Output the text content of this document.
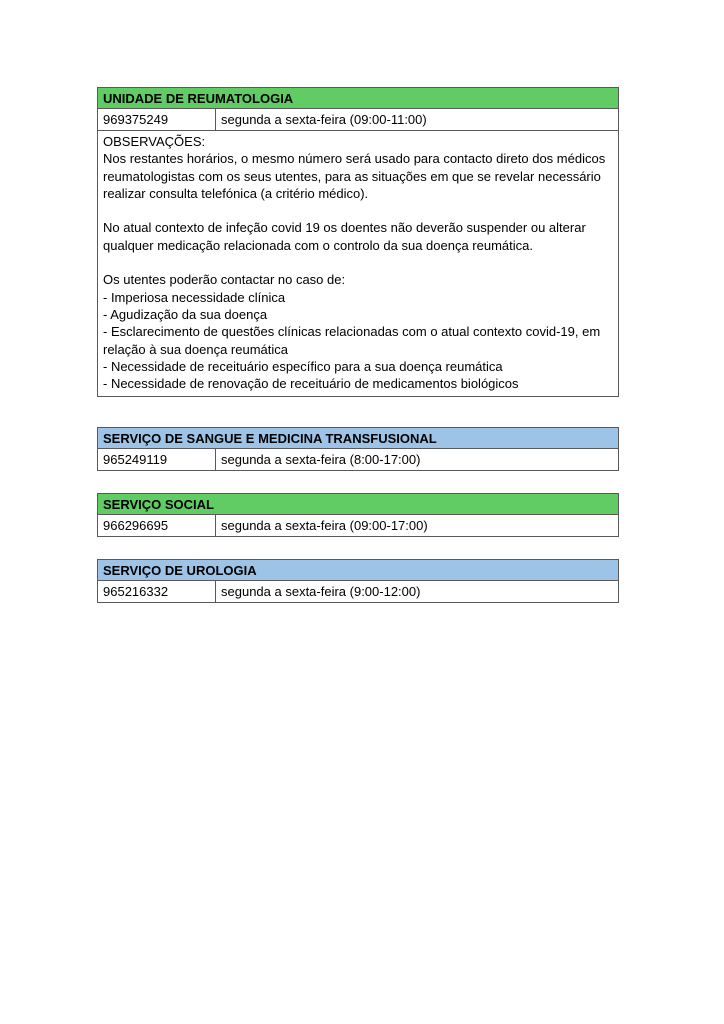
UNIDADE DE REUMATOLOGIA
969375249	segunda a sexta-feira (09:00-11:00)
OBSERVAÇÕES:
Nos restantes horários, o mesmo número será usado para contacto direto dos médicos reumatologistas com os seus utentes, para as situações em que se revelar necessário realizar consulta telefónica (a critério médico).
No atual contexto de infeção covid 19 os doentes não deverão suspender ou alterar qualquer medicação relacionada com o controlo da sua doença reumática.
Os utentes poderão contactar no caso de:
- Imperiosa necessidade clínica
- Agudização da sua doença
- Esclarecimento de questões clínicas relacionadas com o atual contexto covid-19, em relação à sua doença reumática
- Necessidade de receituário específico para a sua doença reumática
- Necessidade de renovação de receituário de medicamentos biológicos
SERVIÇO DE SANGUE E MEDICINA TRANSFUSIONAL
965249119	segunda a sexta-feira (8:00-17:00)
SERVIÇO SOCIAL
966296695	segunda a sexta-feira (09:00-17:00)
SERVIÇO DE UROLOGIA
965216332	segunda a sexta-feira (9:00-12:00)
